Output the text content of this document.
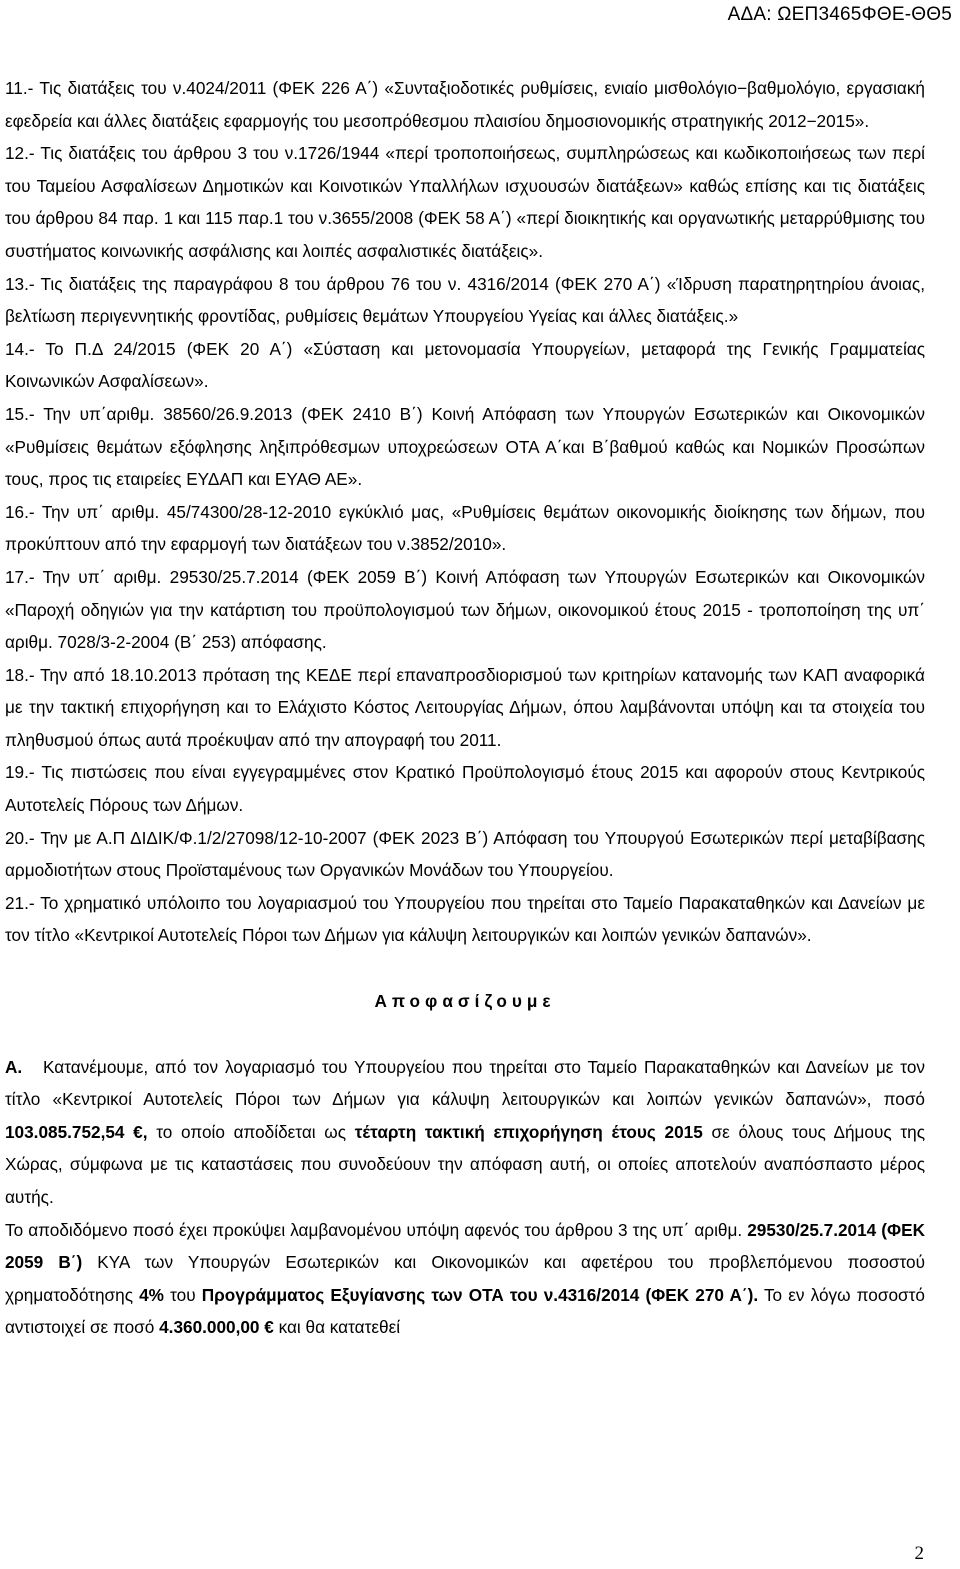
ΑΔΑ: ΩΕΠ3465ΦΘΕ-ΘΘ5

11.- Τις διατάξεις του ν.4024/2011 (ΦΕΚ 226 Α΄) «Συνταξιοδοτικές ρυθμίσεις, ενιαίο μισθολόγιο−βαθμολόγιο, εργασιακή εφεδρεία και άλλες διατάξεις εφαρμογής του μεσοπρόθεσμου πλαισίου δημοσιονομικής στρατηγικής 2012−2015».

12.- Τις διατάξεις του άρθρου 3 του ν.1726/1944 «περί τροποποιήσεως, συμπληρώσεως και κωδικοποιήσεως των περί του Ταμείου Ασφαλίσεων Δημοτικών και Κοινοτικών Υπαλλήλων ισχυουσών διατάξεων» καθώς επίσης και τις διατάξεις του άρθρου 84 παρ. 1 και 115 παρ.1 του ν.3655/2008 (ΦΕΚ 58 Α΄) «περί διοικητικής και οργανωτικής μεταρρύθμισης του συστήματος κοινωνικής ασφάλισης και λοιπές ασφαλιστικές διατάξεις».

13.- Τις διατάξεις της παραγράφου 8 του άρθρου 76 του ν. 4316/2014 (ΦΕΚ 270 Α΄) «Ίδρυση παρατηρητηρίου άνοιας, βελτίωση περιγεννητικής φροντίδας, ρυθμίσεις θεμάτων Υπουργείου Υγείας και άλλες διατάξεις.»

14.- Το Π.Δ 24/2015 (ΦΕΚ 20 Α΄) «Σύσταση και μετονομασία Υπουργείων, μεταφορά της Γενικής Γραμματείας Κοινωνικών Ασφαλίσεων».

15.- Την υπ΄αριθμ. 38560/26.9.2013 (ΦΕΚ 2410 Β΄) Κοινή Απόφαση των Υπουργών Εσωτερικών και Οικονομικών «Ρυθμίσεις θεμάτων εξόφλησης ληξιπρόθεσμων υποχρεώσεων ΟΤΑ Α΄και Β΄βαθμού καθώς και Νομικών Προσώπων τους, προς τις εταιρείες ΕΥΔΑΠ και ΕΥΑΘ ΑΕ».

16.- Την υπ΄ αριθμ. 45/74300/28-12-2010 εγκύκλιό μας, «Ρυθμίσεις θεμάτων οικονομικής διοίκησης των δήμων, που προκύπτουν από την εφαρμογή των διατάξεων του ν.3852/2010».

17.- Την υπ΄ αριθμ. 29530/25.7.2014 (ΦΕΚ 2059 Β΄) Κοινή Απόφαση των Υπουργών Εσωτερικών και Οικονομικών «Παροχή οδηγιών για την κατάρτιση του προϋπολογισμού των δήμων, οικονομικού έτους 2015 - τροποποίηση της υπ΄ αριθμ. 7028/3-2-2004 (Β΄ 253) απόφασης.

18.- Την από 18.10.2013 πρόταση της ΚΕΔΕ περί επαναπροσδιορισμού των κριτηρίων κατανομής των ΚΑΠ αναφορικά με την τακτική επιχορήγηση και το Ελάχιστο Κόστος Λειτουργίας Δήμων, όπου λαμβάνονται υπόψη και τα στοιχεία του πληθυσμού όπως αυτά προέκυψαν από την απογραφή του 2011.

19.- Τις πιστώσεις που είναι εγγεγραμμένες στον Κρατικό Προϋπολογισμό έτους 2015 και αφορούν στους Κεντρικούς Αυτοτελείς Πόρους των Δήμων.

20.- Την με Α.Π ΔΙΔΙΚ/Φ.1/2/27098/12-10-2007 (ΦΕΚ 2023 Β΄) Απόφαση του Υπουργού Εσωτερικών περί μεταβίβασης αρμοδιοτήτων στους Προϊσταμένους των Οργανικών Μονάδων του Υπουργείου.

21.- Το χρηματικό υπόλοιπο του λογαριασμού του Υπουργείου που τηρείται στο Ταμείο Παρακαταθηκών και Δανείων με τον τίτλο «Κεντρικοί Αυτοτελείς Πόροι των Δήμων για κάλυψη λειτουργικών και λοιπών γενικών δαπανών».

Αποφασίζουμε

Α. Κατανέμουμε, από τον λογαριασμό του Υπουργείου που τηρείται στο Ταμείο Παρακαταθηκών και Δανείων με τον τίτλο «Κεντρικοί Αυτοτελείς Πόροι των Δήμων για κάλυψη λειτουργικών και λοιπών γενικών δαπανών», ποσό 103.085.752,54 €, το οποίο αποδίδεται ως τέταρτη τακτική επιχορήγηση έτους 2015 σε όλους τους Δήμους της Χώρας, σύμφωνα με τις καταστάσεις που συνοδεύουν την απόφαση αυτή, οι οποίες αποτελούν αναπόσπαστο μέρος αυτής.

Το αποδιδόμενο ποσό έχει προκύψει λαμβανομένου υπόψη αφενός του άρθρου 3 της υπ΄ αριθμ. 29530/25.7.2014 (ΦΕΚ 2059 Β΄) ΚΥΑ των Υπουργών Εσωτερικών και Οικονομικών και αφετέρου του προβλεπόμενου ποσοστού χρηματοδότησης 4% του Προγράμματος Εξυγίανσης των ΟΤΑ του ν.4316/2014 (ΦΕΚ 270 Α΄). Το εν λόγω ποσοστό αντιστοιχεί σε ποσό 4.360.000,00 € και θα κατατεθεί

2
